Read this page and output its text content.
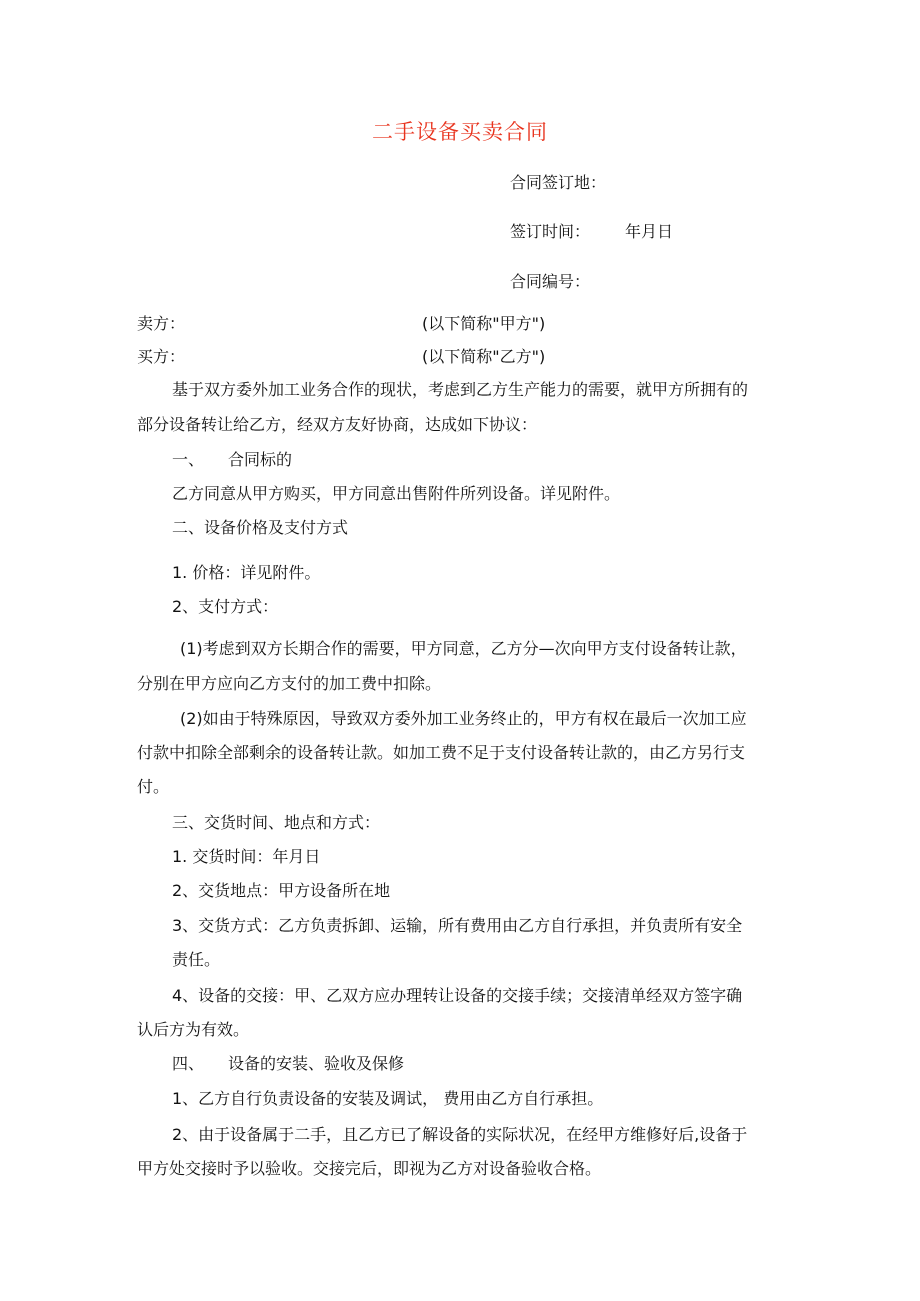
二手设备买卖合同
合同签订地：
签订时间： 年月日
合同编号：
卖方：	(以下简称"甲方")
买方：	(以下简称"乙方")
基于双方委外加工业务合作的现状，考虑到乙方生产能力的需要，就甲方所拥有的
部分设备转让给乙方，经双方友好协商，达成如下协议：
一、 合同标的
乙方同意从甲方购买，甲方同意出售附件所列设备。详见附件。
二、设备价格及支付方式
1. 价格：详见附件。
2、支付方式：
(1)考虑到双方长期合作的需要，甲方同意，乙方分—次向甲方支付设备转让款，
分别在甲方应向乙方支付的加工费中扣除。
(2)如由于特殊原因，导致双方委外加工业务终止的，甲方有权在最后一次加工应
付款中扣除全部剩余的设备转让款。如加工费不足于支付设备转让款的，由乙方另行支
付。
三、交货时间、地点和方式：
1. 交货时间：年月日
2、交货地点：甲方设备所在地
3、交货方式：乙方负责拆卸、运输，所有费用由乙方自行承担，并负责所有安全
责任。
4、设备的交接：甲、乙双方应办理转让设备的交接手续；交接清单经双方签字确
认后方为有效。
四、 设备的安装、验收及保修
1、乙方自行负责设备的安装及调试， 费用由乙方自行承担。
2、由于设备属于二手，且乙方已了解设备的实际状况，在经甲方维修好后,设备于
甲方处交接时予以验收。交接完后，即视为乙方对设备验收合格。
